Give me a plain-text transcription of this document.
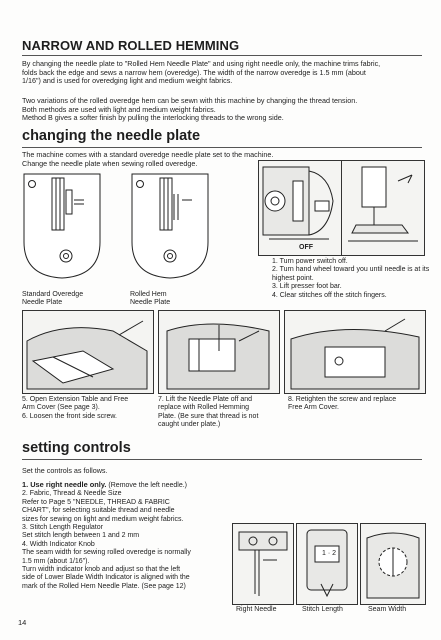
NARROW AND ROLLED HEMMING
By changing the needle plate to "Rolled Hem Needle Plate" and using right needle only, the machine trims fabric,
folds back the edge and sews a narrow hem (overedge). The width of the narrow overedge is 1.5 mm (about
1/16") and is used for overedging light and medium weight fabrics.
Two variations of the rolled overedge hem can be sewn with this machine by changing the thread tension.
Both methods are used with light and medium weight fabrics.
Method B gives a softer finish by pulling the interlocking threads to the wrong side.
changing the needle plate
The machine comes with a standard overedge needle plate set to the machine.
Change the needle plate when sewing rolled overedge.
Standard Overedge
Needle Plate
Rolled Hem
Needle Plate
OFF
1. Turn power switch off.
2. Turn hand wheel toward you until needle is at its
highest point.
3. Lift presser foot bar.
4. Clear stitches off the stitch fingers.
5. Open Extension Table and Free
Arm Cover (See page 3).
6. Loosen the front side screw.
7. Lift the Needle Plate off and
replace with Rolled Hemming
Plate. (Be sure that thread is not
caught under plate.)
8. Retighten the screw and replace
Free Arm Cover.
setting controls
Set the controls as follows.
1. Use right needle only. (Remove the left needle.)
2. Fabric, Thread & Needle Size
Refer to Page 5 "NEEDLE, THREAD & FABRIC
CHART", for selecting suitable thread and needle
sizes for sewing on light and medium weight fabrics.
3. Stitch Length Regulator
Set stitch length between 1 and 2 mm
4. Width Indicator Knob
The seam width for sewing rolled overedge is normally
1.5 mm (about 1/16").
Turn width indicator knob and adjust so that the left
side of Lower Blade Width Indicator is aligned with the
mark of the Rolled Hem Needle Plate. (See page 12)
1 · 2
Right Needle	Stitch Length	Seam Width
14
